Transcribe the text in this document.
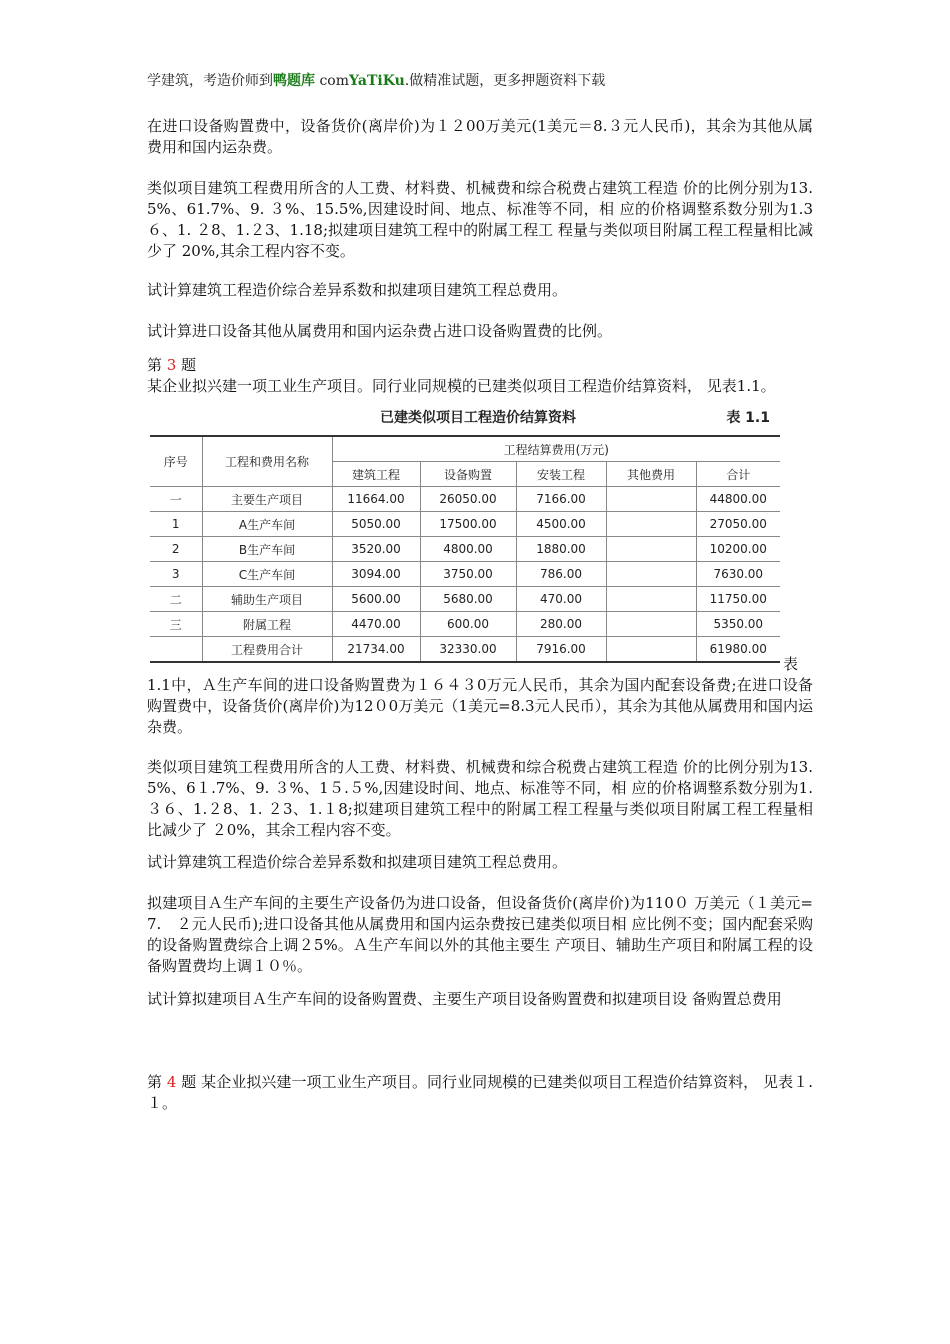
学建筑，考造价师到鸭题库 comYaTiKu.做精准试题，更多押题资料下载
在进口设备购置费中，设备货价(离岸价)为１２00万美元(1美元＝8.３元人民币)，其余为其他从属费用和国内运杂费。
类似项目建筑工程费用所含的人工费、材料费、机械费和综合税费占建筑工程造 价的比例分别为13.5%、61.7%、9. ３%、15.5%,因建设时间、地点、标准等不同，相 应的价格调整系数分别为1.3６、1. ２8、1.２3、1.18;拟建项目建筑工程中的附属工程工 程量与类似项目附属工程工程量相比减少了 20%,其余工程内容不变。
试计算建筑工程造价综合差异系数和拟建项目建筑工程总费用。
试计算进口设备其他从属费用和国内运杂费占进口设备购置费的比例。
第 3 题
某企业拟兴建一项工业生产项目。同行业同规模的已建类似项目工程造价结算资料， 见表1.1。
已建类似项目工程造价结算资料	表 1.1
序号	工程和费用名称	工程结算费用(万元)				
		建筑工程	设备购置	安装工程	其他费用	合计
一	主要生产项目	11664.00	26050.00	7166.00		44800.00
1	A生产车间	5050.00	17500.00	4500.00		27050.00
2	B生产车间	3520.00	4800.00	1880.00		10200.00
3	C生产车间	3094.00	3750.00	786.00		7630.00
二	辅助生产项目	5600.00	5680.00	470.00		11750.00
三	附属工程	4470.00	600.00	280.00		5350.00
	工程费用合计	21734.00	32330.00	7916.00		61980.00
表
1.1中，Ａ生产车间的进口设备购置费为１６４３0万元人民币，其余为国内配套设备费;在进口设备购置费中，设备货价(离岸价)为12０0万美元（1美元=8.3元人民币），其余为其他从属费用和国内运杂费。
类似项目建筑工程费用所含的人工费、材料费、机械费和综合税费占建筑工程造 价的比例分别为13.5%、6１.7%、9. ３%、1５.５%,因建设时间、地点、标准等不同，相 应的价格调整系数分别为1.３６、1.２8、1. ２3、1.１8;拟建项目建筑工程中的附属工程工程量与类似项目附属工程工程量相比减少了 ２0%，其余工程内容不变。
试计算建筑工程造价综合差异系数和拟建项目建筑工程总费用。
拟建项目Ａ生产车间的主要生产设备仍为进口设备，但设备货价(离岸价)为110０ 万美元（１美元=7.　２元人民币);进口设备其他从属费用和国内运杂费按已建类似项目相 应比例不变；国内配套采购的设备购置费综合上调２5%。Ａ生产车间以外的其他主要生 产项目、辅助生产项目和附属工程的设备购置费均上调１０％。
试计算拟建项目Ａ生产车间的设备购置费、主要生产项目设备购置费和拟建项目设 备购置总费用
第 4 题 某企业拟兴建一项工业生产项目。同行业同规模的已建类似项目工程造价结算资料， 见表１.１。
